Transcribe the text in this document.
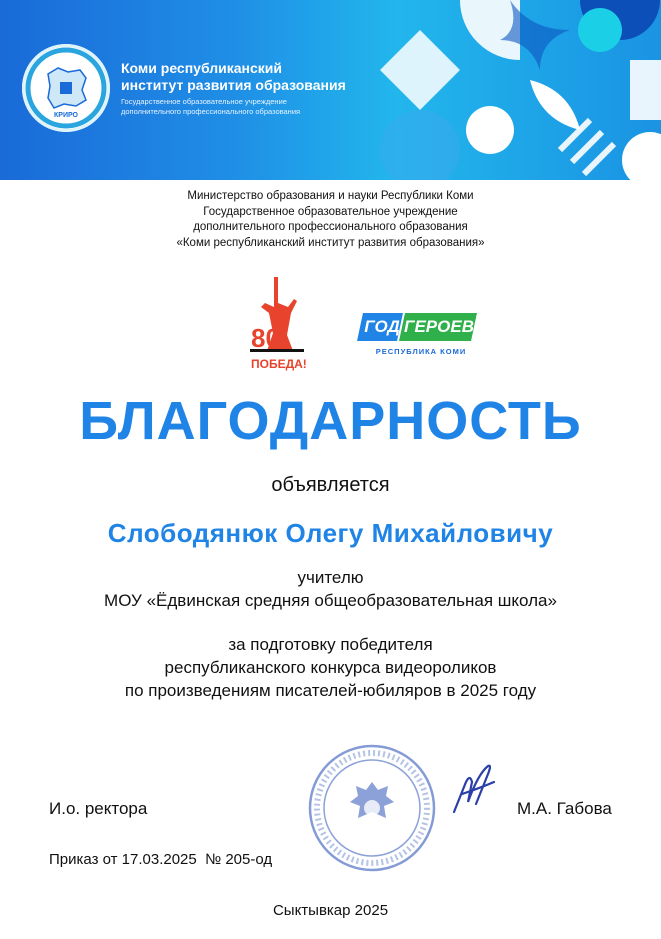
КРИРО
Коми республиканский
институт развития образования
Государственное образовательное учреждение
дополнительного профессионального образования
Министерство образования и науки Республики Коми
Государственное образовательное учреждение
дополнительного профессионального образования
«Коми республиканский институт развития образования»
80
ПОБЕДА!
ГОД ГЕРОЕВ
РЕСПУБЛИКА КОМИ
БЛАГОДАРНОСТЬ
объявляется
Слободянюк Олегу Михайловичу
учителю
МОУ «Ёдвинская средняя общеобразовательная школа»
за подготовку победителя
республиканского конкурса видеороликов
по произведениям писателей-юбиляров в 2025 году
И.о. ректора	М.А. Габова
Приказ от 17.03.2025  № 205-од
Сыктывкар 2025
